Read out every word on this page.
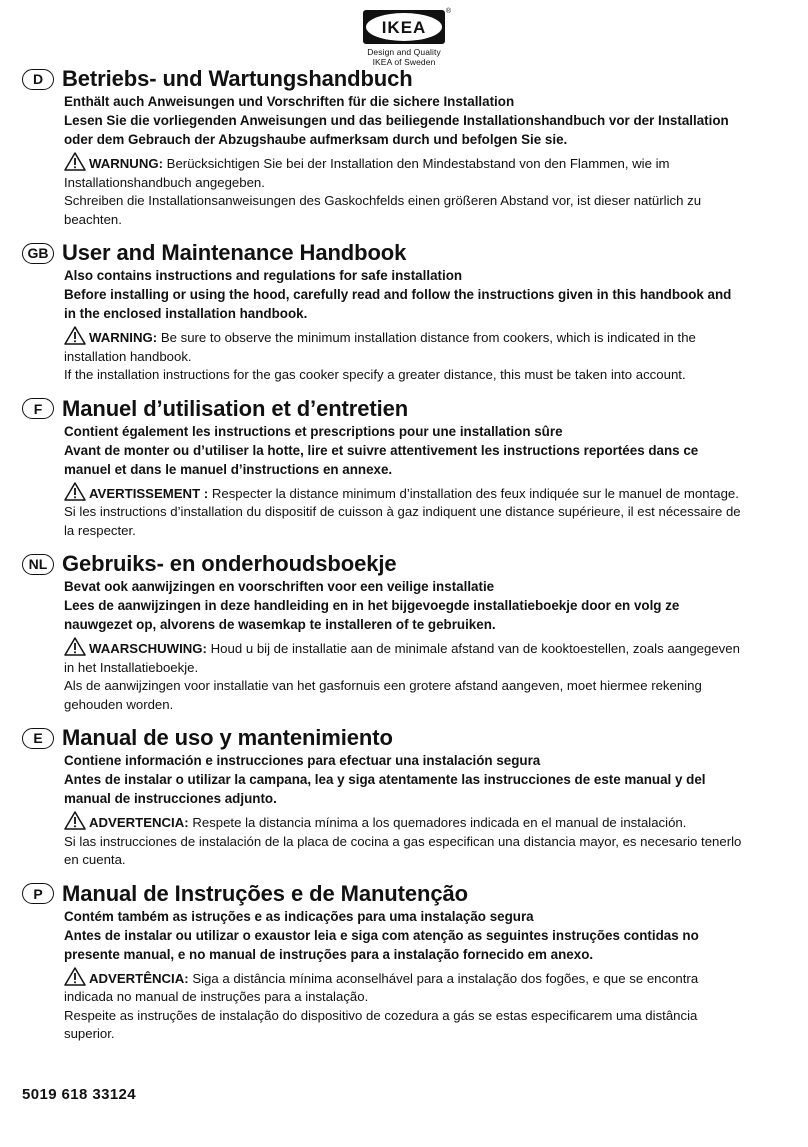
IKEA
®
Design and Quality
IKEA of Sweden
D Betriebs- und Wartungshandbuch
Enthält auch Anweisungen und Vorschriften für die sichere Installation
Lesen Sie die vorliegenden Anweisungen und das beiliegende Installationshandbuch vor der Installation oder dem Gebrauch der Abzugshaube aufmerksam durch und befolgen Sie sie.
WARNUNG: Berücksichtigen Sie bei der Installation den Mindestabstand von den Flammen, wie im Installationshandbuch angegeben.
Schreiben die Installationsanweisungen des Gaskochfelds einen größeren Abstand vor, ist dieser natürlich zu beachten.
GB User and Maintenance Handbook
Also contains instructions and regulations for safe installation
Before installing or using the hood, carefully read and follow the instructions given in this handbook and in the enclosed installation handbook.
WARNING: Be sure to observe the minimum installation distance from cookers, which is indicated in the installation handbook.
If the installation instructions for the gas cooker specify a greater distance, this must be taken into account.
F Manuel d’utilisation et d’entretien
Contient également les instructions et prescriptions pour une installation sûre
Avant de monter ou d’utiliser la hotte, lire et suivre attentivement les instructions reportées dans ce manuel et dans le manuel d’instructions en annexe.
AVERTISSEMENT : Respecter la distance minimum d’installation des feux indiquée sur le manuel de montage.
Si les instructions d’installation du dispositif de cuisson à gaz indiquent une distance supérieure, il est nécessaire de la respecter.
NL Gebruiks- en onderhoudsboekje
Bevat ook aanwijzingen en voorschriften voor een veilige installatie
Lees de aanwijzingen in deze handleiding en in het bijgevoegde installatieboekje door en volg ze nauwgezet op, alvorens de wasemkap te installeren of te gebruiken.
WAARSCHUWING: Houd u bij de installatie aan de minimale afstand van de kooktoestellen, zoals aangegeven in het Installatieboekje.
Als de aanwijzingen voor installatie van het gasfornuis een grotere afstand aangeven, moet hiermee rekening gehouden worden.
E Manual de uso y mantenimiento
Contiene información e instrucciones para efectuar una instalación segura
Antes de instalar o utilizar la campana, lea y siga atentamente las instrucciones de este manual y del manual de instrucciones adjunto.
ADVERTENCIA: Respete la distancia mínima a los quemadores indicada en el manual de instalación.
Si las instrucciones de instalación de la placa de cocina a gas especifican una distancia mayor, es necesario tenerlo en cuenta.
P Manual de Instruções e de Manutenção
Contém também as istruções e as indicações para uma instalação segura
Antes de instalar ou utilizar o exaustor leia e siga com atenção as seguintes instruções contidas no presente manual, e no manual de instruções para a instalação fornecido em anexo.
ADVERTÊNCIA: Siga a distância mínima aconselhável para a instalação dos fogões, e que se encontra indicada no manual de instruções para a instalação.
Respeite as instruções de instalação do dispositivo de cozedura a gás se estas especificarem uma distância superior.
5019 618 33124
